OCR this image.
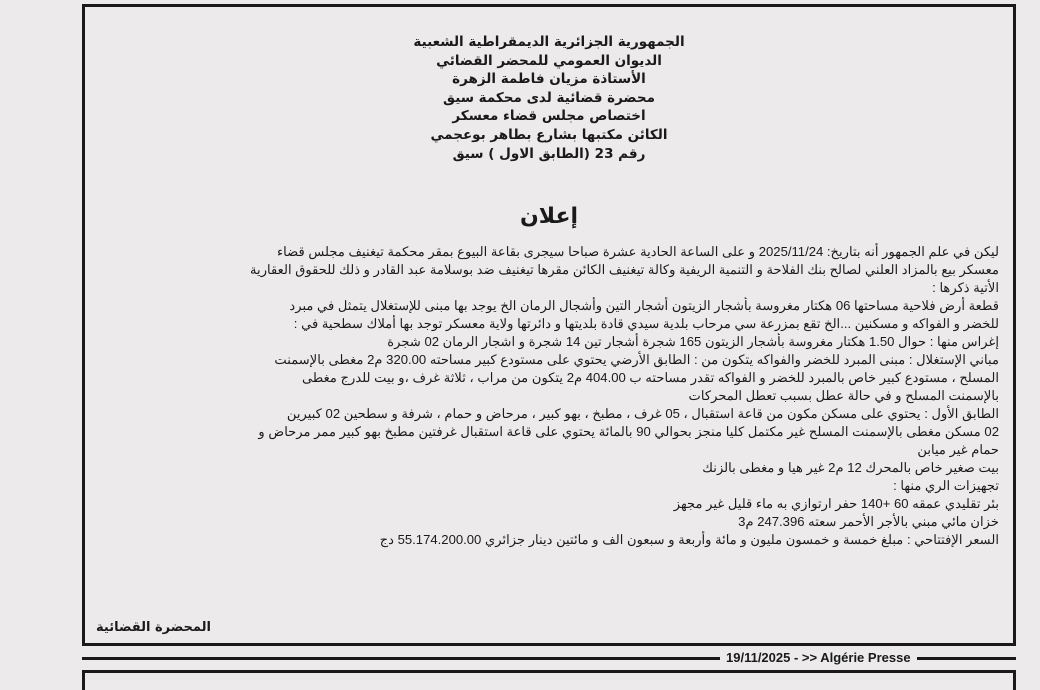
الجمهورية الجزائرية الديمقراطية الشعبية
الديوان العمومي للمحضر القضائي
الأستاذة مزيان فاطمة الزهرة
محضرة قضائية لدى محكمة سيق
اختصاص مجلس قضاء معسكر
الكائن مكتبها بشارع بطاهر بوعجمي
رقم 23 (الطابق الاول ) سيق
إعلان
ليكن في علم الجمهور أنه بتاريخ: 2025/11/24 و على الساعة الحادية عشرة صباحا سيجرى بقاعة البيوع بمقر محكمة تيغنيف مجلس قضاء
معسكر بيع بالمزاد العلني لصالح بنك الفلاحة و التنمية الريفية وكالة تيغنيف الكائن مقرها تيغنيف ضد بوسلامة عبد القادر و ذلك للحقوق العقارية
الأتية ذكرها :
قطعة أرض فلاحية مساحتها 06 هكتار مغروسة بأشجار الزيتون أشجار التين وأشجال الرمان الخ يوجد بها مبنى للإستغلال يتمثل في مبرد
للخضر و الفواكه و مسكنين ...الخ تقع بمزرعة سي مرحاب بلدية سيدي قادة بلديتها و دائرتها ولاية معسكر توجد بها أملاك سطحية في :
إغراس منها : حوال 1.50 هكتار مغروسة بأشجار الزيتون 165 شجرة أشجار تين 14 شجرة و اشجار الرمان 02 شجرة
مباني الإستغلال : مبنى المبرد للخضر والفواكه يتكون من : الطابق الأرضي يحتوي على مستودع كبير مساحته 320.00 م2 مغطى بالإسمنت
المسلح ، مستودع كبير خاص بالمبرد للخضر و الفواكه تقدر مساحته ب 404.00 م2 يتكون من مراب ، ثلاثة غرف ،و بيت للدرج مغطى
بالإسمنت المسلح و في حالة عطل بسبب تعطل المحركات
الطابق الأول : يحتوي على مسكن مكون من قاعة استقبال ، 05 غرف ، مطبخ ، بهو كبير ، مرحاض و حمام ، شرفة و سطحين 02 كبيرين
02 مسكن مغطى بالإسمنت المسلح غير مكتمل كليا منجز بحوالي 90 بالمائة يحتوي على قاعة استقبال غرفتين مطبخ بهو كبير ممر مرحاض و
حمام غير ميابن
بيت صغير خاص بالمحرك 12 م2 غير هيا و مغطى بالزنك
تجهيزات الري منها :
بئر تقليدي عمقه 60 +140 حفر ارتوازي به ماء قليل غير مجهز
خزان مائي مبني بالأجر الأحمر سعته 247.396 م3
السعر الإفتتاحي : مبلغ خمسة و خمسون مليون و مائة وأربعة و سبعون الف و مائتين دينار جزائري 55.174.200.00 دج
المحضرة القضائية
19/11/2025 - >> Algérie Presse
